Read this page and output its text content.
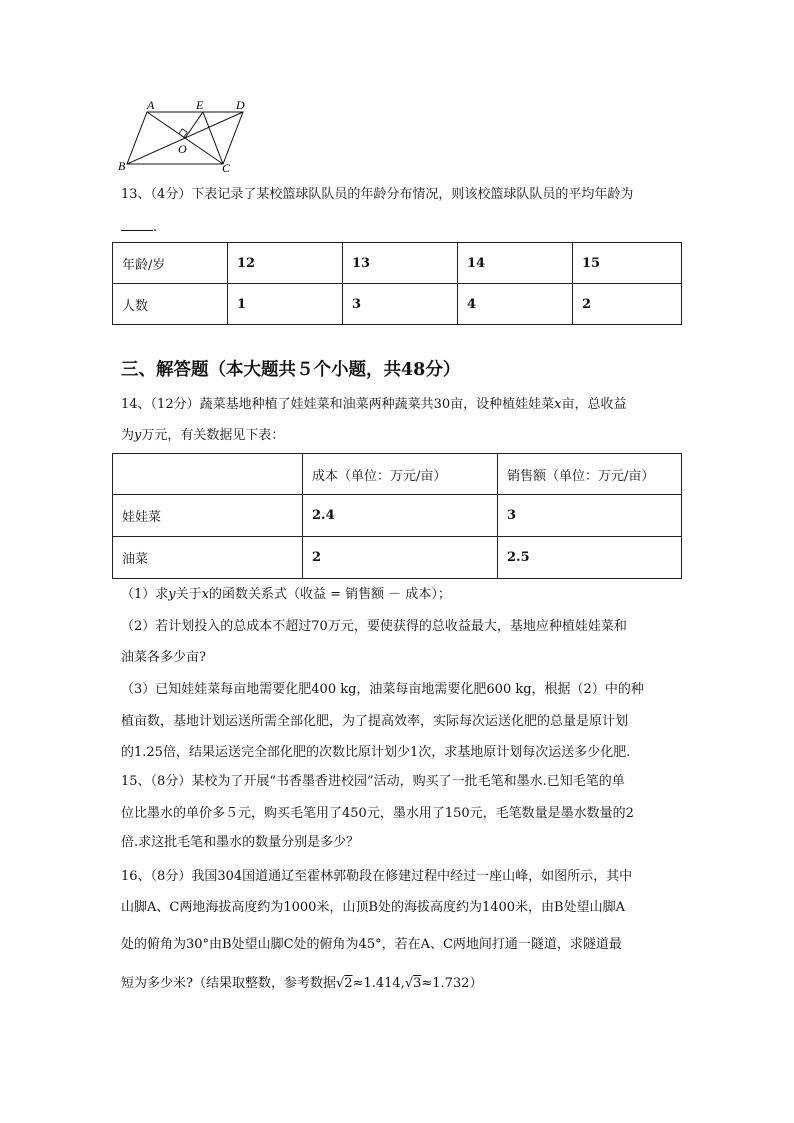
A	E	D
O
B	C
13、（4分）下表记录了某校篮球队队员的年龄分布情况，则该校篮球队队员的平均年龄为
.
年龄/岁	12	13	14	15
人数	1	3	4	2
三、解答题（本大题共５个小题，共48分）
14、（12分）蔬菜基地种植了娃娃菜和油菜两种蔬菜共30亩，设种植娃娃菜x亩，总收益
为y万元，有关数据见下表：
	成本（单位：万元/亩）	销售额（单位：万元/亩）
娃娃菜	2.4	3
油菜	2	2.5
（1）求y关于x的函数关系式（收益 = 销售额 － 成本）；
（2）若计划投入的总成本不超过70万元，要使获得的总收益最大，基地应种植娃娃菜和
油菜各多少亩?
（3）已知娃娃菜每亩地需要化肥400 kg，油菜每亩地需要化肥600 kg，根据（2）中的种
植亩数，基地计划运送所需全部化肥，为了提高效率，实际每次运送化肥的总量是原计划
的1.25倍，结果运送完全部化肥的次数比原计划少1次，求基地原计划每次运送多少化肥.
15、（8分）某校为了开展“书香墨香进校园”活动，购买了一批毛笔和墨水.已知毛笔的单
位比墨水的单价多５元，购买毛笔用了450元，墨水用了150元，毛笔数量是墨水数量的2
倍.求这批毛笔和墨水的数量分别是多少？
16、（8分）我国304国道通辽至霍林郭勒段在修建过程中经过一座山峰，如图所示，其中
山脚A、C两地海拔高度约为1000米，山顶B处的海拔高度约为1400米，由B处望山脚A
处的俯角为30°由B处望山脚C处的俯角为45°，若在A、C两地间打通一隧道，求隧道最
短为多少米?（结果取整数，参考数据√2≈1.414,√3≈1.732）
